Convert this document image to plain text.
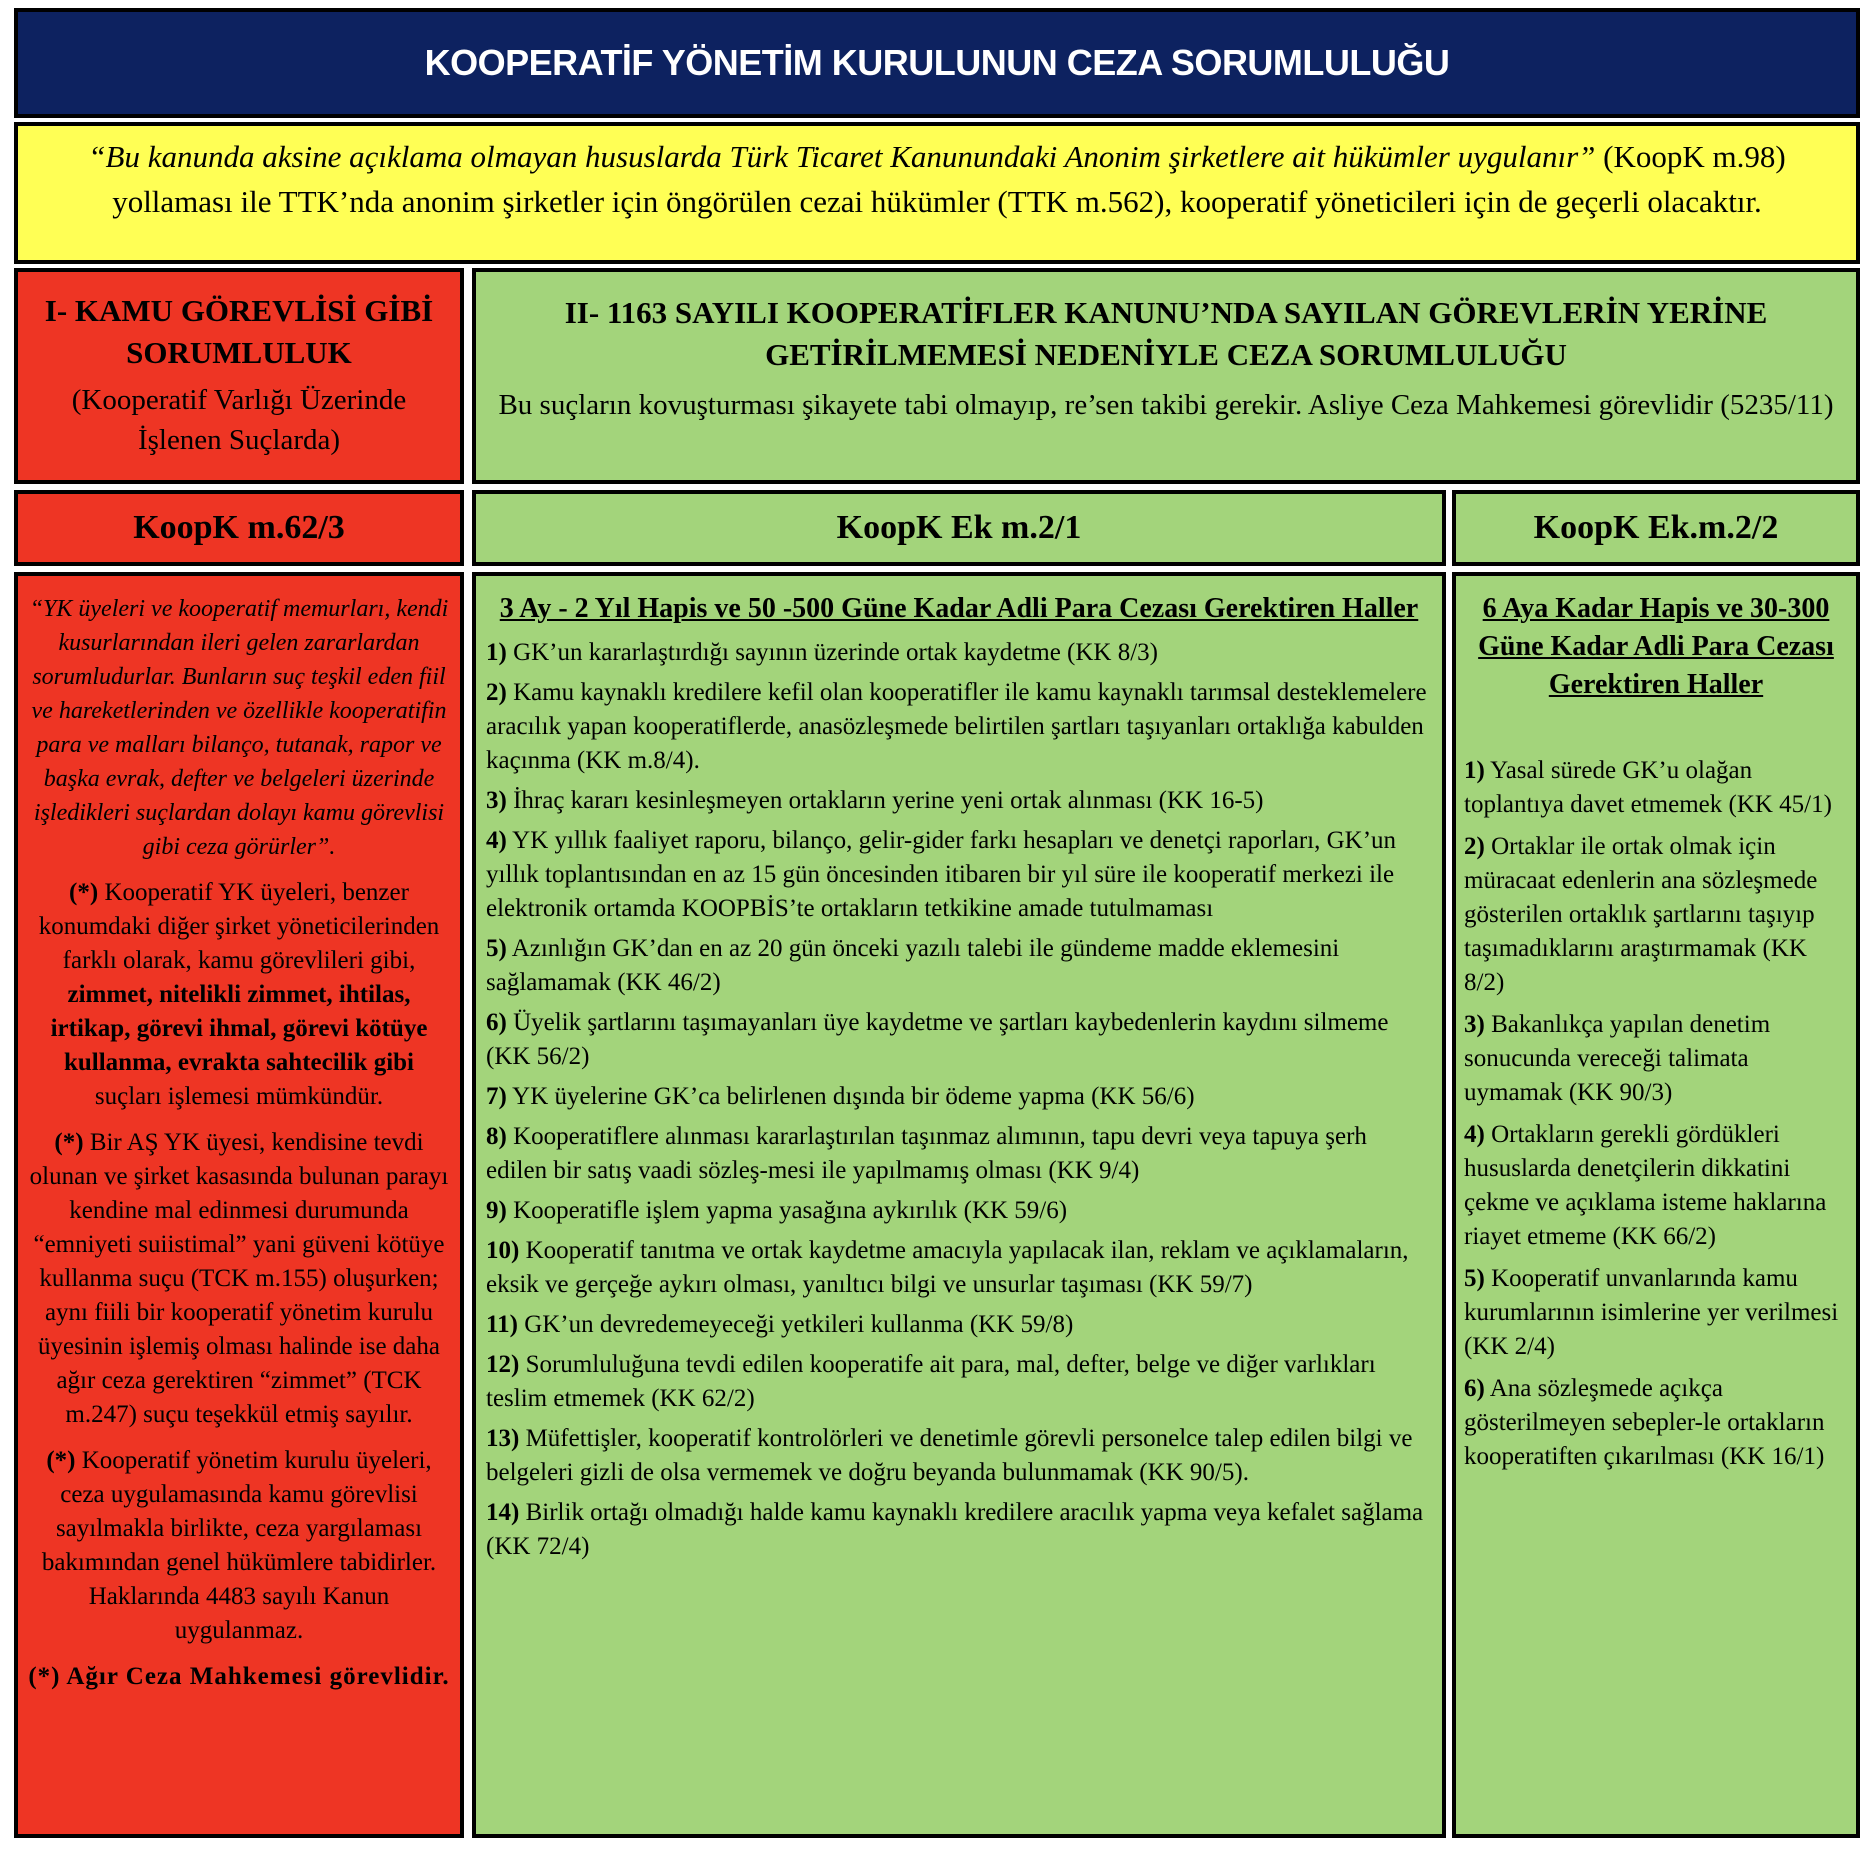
KOOPERATİF YÖNETİM KURULUNUN CEZA SORUMLULUĞU
“Bu kanunda aksine açıklama olmayan hususlarda Türk Ticaret Kanunundaki Anonim şirketlere ait hükümler uygulanır” (KoopK m.98) yollaması ile TTK’nda anonim şirketler için öngörülen cezai hükümler (TTK m.562), kooperatif yöneticileri için de geçerli olacaktır.

I- KAMU GÖREVLİSİ GİBİ SORUMLULUK

(Kooperatif Varlığı Üzerinde İşlenen Suçlarda)

II- 1163 SAYILI KOOPERATİFLER KANUNU’NDA SAYILAN GÖREVLERİN YERİNE GETİRİLMEMESİ NEDENİYLE CEZA SORUMLULUĞU

Bu suçların kovuşturması şikayete tabi olmayıp, re’sen takibi gerekir. Asliye Ceza Mahkemesi görevlidir (5235/11)

KoopK m.62/3	KoopK Ek m.2/1	KoopK Ek.m.2/2

“YK üyeleri ve kooperatif memurları, kendi kusurlarından ileri gelen zararlardan sorumludurlar. Bunların suç teşkil eden fiil ve hareketlerinden ve özellikle kooperatifin para ve malları bilanço, tutanak, rapor ve başka evrak, defter ve belgeleri üzerinde işledikleri suçlardan dolayı kamu görevlisi gibi ceza görürler”.

(*) Kooperatif YK üyeleri, benzer konumdaki diğer şirket yöneticilerinden farklı olarak, kamu görevlileri gibi, zimmet, nitelikli zimmet, ihtilas, irtikap, görevi ihmal, görevi kötüye kullanma, evrakta sahtecilik gibi suçları işlemesi mümkündür.

(*) Bir AŞ YK üyesi, kendisine tevdi olunan ve şirket kasasında bulunan parayı kendine mal edinmesi durumunda “emniyeti suiistimal” yani güveni kötüye kullanma suçu (TCK m.155) oluşurken; aynı fiili bir kooperatif yönetim kurulu üyesinin işlemiş olması halinde ise daha ağır ceza gerektiren “zimmet” (TCK m.247) suçu teşekkül etmiş sayılır.

(*) Kooperatif yönetim kurulu üyeleri, ceza uygulamasında kamu görevlisi sayılmakla birlikte, ceza yargılaması bakımından genel hükümlere tabidirler. Haklarında 4483 sayılı Kanun uygulanmaz.

(*) Ağır Ceza Mahkemesi görevlidir.

3 Ay - 2 Yıl Hapis ve 50 -500 Güne Kadar Adli Para Cezası Gerektiren Haller

1) GK’un kararlaştırdığı sayının üzerinde ortak kaydetme (KK 8/3)

2) Kamu kaynaklı kredilere kefil olan kooperatifler ile kamu kaynaklı tarımsal desteklemelere aracılık yapan kooperatiflerde, anasözleşmede belirtilen şartları taşıyanları ortaklığa kabulden kaçınma (KK m.8/4).

3) İhraç kararı kesinleşmeyen ortakların yerine yeni ortak alınması (KK 16-5)

4) YK yıllık faaliyet raporu, bilanço, gelir-gider farkı hesapları ve denetçi raporları, GK’un yıllık toplantısından en az 15 gün öncesinden itibaren bir yıl süre ile kooperatif merkezi ile elektronik ortamda KOOPBİS’te ortakların tetkikine amade tutulmaması

5) Azınlığın GK’dan en az 20 gün önceki yazılı talebi ile gündeme madde eklemesini sağlamamak (KK 46/2)

6) Üyelik şartlarını taşımayanları üye kaydetme ve şartları kaybedenlerin kaydını silmeme (KK 56/2)

7) YK üyelerine GK’ca belirlenen dışında bir ödeme yapma (KK 56/6)

8) Kooperatiflere alınması kararlaştırılan taşınmaz alımının, tapu devri veya tapuya şerh edilen bir satış vaadi sözleş-mesi ile yapılmamış olması (KK 9/4)

9) Kooperatifle işlem yapma yasağına aykırılık (KK 59/6)

10) Kooperatif tanıtma ve ortak kaydetme amacıyla yapılacak ilan, reklam ve açıklamaların, eksik ve gerçeğe aykırı olması, yanıltıcı bilgi ve unsurlar taşıması (KK 59/7)

11) GK’un devredemeyeceği yetkileri kullanma (KK 59/8)

12) Sorumluluğuna tevdi edilen kooperatife ait para, mal, defter, belge ve diğer varlıkları teslim etmemek (KK 62/2)

13) Müfettişler, kooperatif kontrolörleri ve denetimle görevli personelce talep edilen bilgi ve belgeleri gizli de olsa vermemek ve doğru beyanda bulunmamak (KK 90/5).

14) Birlik ortağı olmadığı halde kamu kaynaklı kredilere aracılık yapma veya kefalet sağlama (KK 72/4)

6 Aya Kadar Hapis ve 30-300 Güne Kadar Adli Para Cezası Gerektiren Haller

1) Yasal sürede GK’u olağan toplantıya davet etmemek (KK 45/1)

2) Ortaklar ile ortak olmak için müracaat edenlerin ana sözleşmede gösterilen ortaklık şartlarını taşıyıp taşımadıklarını araştırmamak (KK 8/2)

3) Bakanlıkça yapılan denetim sonucunda vereceği talimata uymamak (KK 90/3)

4) Ortakların gerekli gördükleri hususlarda denetçilerin dikkatini çekme ve açıklama isteme haklarına riayet etmeme (KK 66/2)

5) Kooperatif unvanlarında kamu kurumlarının isimlerine yer verilmesi (KK 2/4)

6) Ana sözleşmede açıkça gösterilmeyen sebepler-le ortakların kooperatiften çıkarılması (KK 16/1)
